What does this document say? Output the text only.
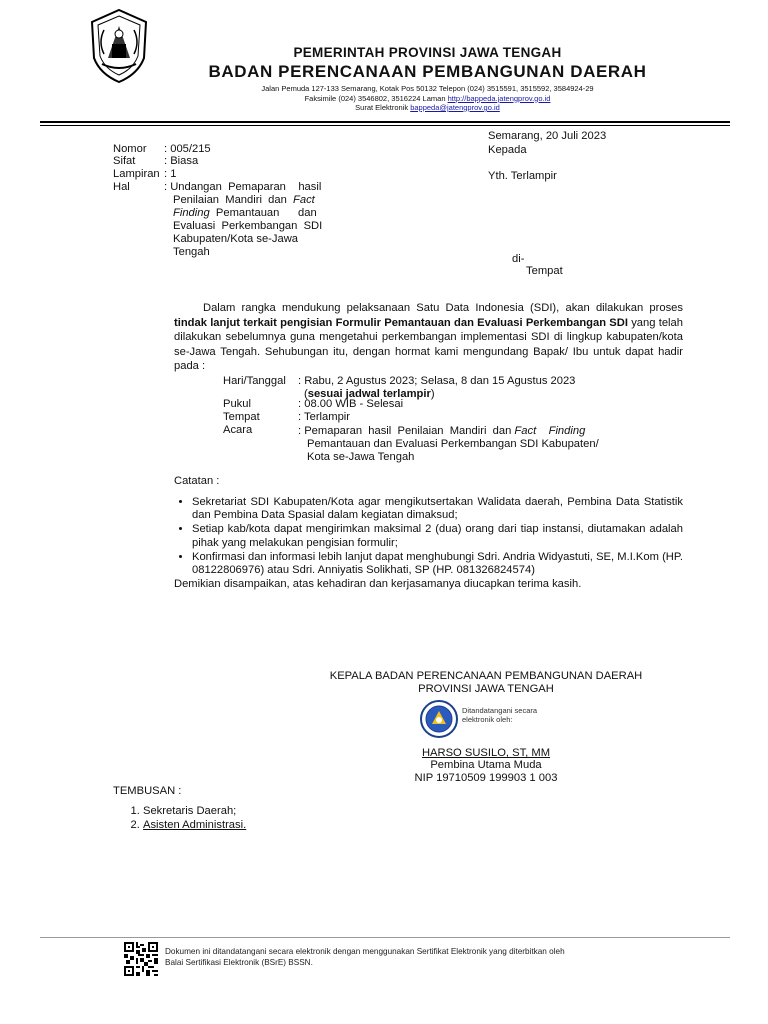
PEMERINTAH PROVINSI JAWA TENGAH
BADAN PERENCANAAN PEMBANGUNAN DAERAH
Jalan Pemuda 127-133 Semarang, Kotak Pos 50132 Telepon (024) 3515591, 3515592, 3584924-29
Faksimile (024) 3546802, 3516224 Laman http://bappeda.jatengprov.go.id
Surat Elektronik bappeda@jatengprov.go.id
Semarang, 20 Juli 2023
Kepada
Yth. Terlampir
di-
Tempat
Nomor : 005/215
Sifat	: Biasa
Lampiran : 1
Hal	: Undangan  Pemaparan    hasil
Penilaian  Mandiri  dan Fact
Finding Pemantauan      dan
Evaluasi  Perkembangan  SDI
Kabupaten/Kota se-Jawa
Tengah
Dalam rangka mendukung pelaksanaan Satu Data Indonesia (SDI), akan dilakukan proses tindak lanjut terkait pengisian Formulir Pemantauan dan Evaluasi Perkembangan SDI yang telah dilakukan sebelumnya guna mengetahui perkembangan implementasi SDI di lingkup kabupaten/kota se-Jawa Tengah. Sehubungan itu, dengan hormat kami mengundang Bapak/ Ibu untuk dapat hadir pada :
Hari/Tanggal : Rabu, 2 Agustus 2023; Selasa, 8 dan 15 Agustus 2023
(sesuai jadwal terlampir)
Pukul	: 08.00 WIB - Selesai
Tempat	: Terlampir
Acara	: Pemaparan  hasil  Penilaian  Mandiri  dan Fact    Finding
Pemantauan dan Evaluasi Perkembangan SDI Kabupaten/
Kota se-Jawa Tengah
Catatan :
• Sekretariat SDI Kabupaten/Kota agar mengikutsertakan Walidata daerah, Pembina Data Statistik dan Pembina Data Spasial dalam kegiatan dimaksud;
• Setiap kab/kota dapat mengirimkan maksimal 2 (dua) orang dari tiap instansi, diutamakan adalah pihak yang melakukan pengisian formulir;
• Konfirmasi dan informasi lebih lanjut dapat menghubungi Sdri. Andria Widyastuti, SE, M.I.Kom (HP. 08122806976) atau Sdri. Anniyatis Solikhati, SP (HP. 081326824574)
Demikian disampaikan, atas kehadiran dan kerjasamanya diucapkan terima kasih.
KEPALA BADAN PERENCANAAN PEMBANGUNAN DAERAH
PROVINSI JAWA TENGAH
Ditandatangani secara
elektronik oleh:
HARSO SUSILO, ST, MM
Pembina Utama Muda
NIP 19710509 199903 1 003
TEMBUSAN :
1. Sekretaris Daerah;
2. Asisten Administrasi.
Dokumen ini ditandatangani secara elektronik dengan menggunakan Sertifikat Elektronik yang diterbitkan oleh
Balai Sertifikasi Elektronik (BSrE) BSSN.
